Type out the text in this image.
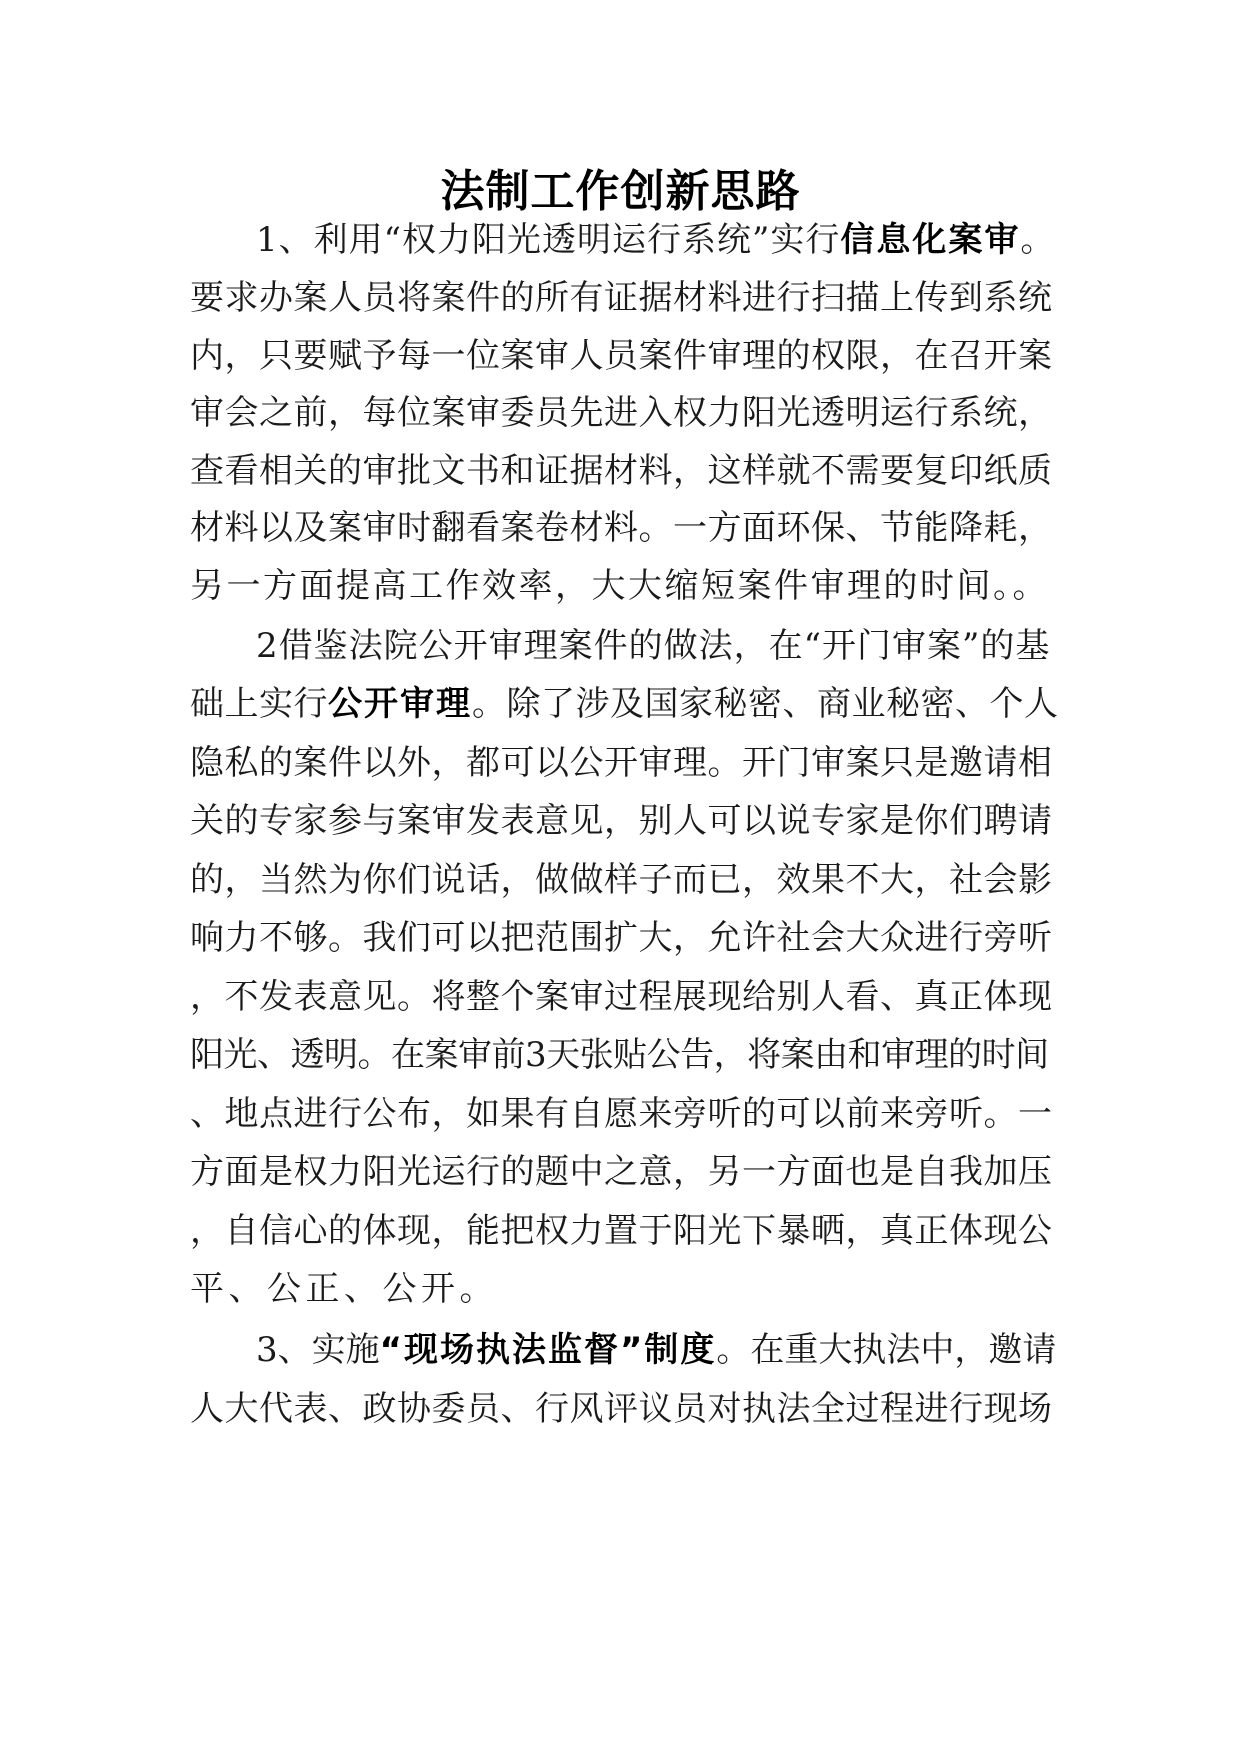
法制工作创新思路
1、利用“权力阳光透明运行系统”实行信息化案审。
要求办案人员将案件的所有证据材料进行扫描上传到系统
内，只要赋予每一位案审人员案件审理的权限，在召开案
审会之前，每位案审委员先进入权力阳光透明运行系统，
查看相关的审批文书和证据材料，这样就不需要复印纸质
材料以及案审时翻看案卷材料。一方面环保、节能降耗，
另一方面提高工作效率，大大缩短案件审理的时间。。
2借鉴法院公开审理案件的做法，在“开门审案”的基
础上实行公开审理。除了涉及国家秘密、商业秘密、个人
隐私的案件以外，都可以公开审理。开门审案只是邀请相
关的专家参与案审发表意见，别人可以说专家是你们聘请
的，当然为你们说话，做做样子而已，效果不大，社会影
响力不够。我们可以把范围扩大，允许社会大众进行旁听
，不发表意见。将整个案审过程展现给别人看、真正体现
阳光、透明。在案审前3天张贴公告，将案由和审理的时间
、地点进行公布，如果有自愿来旁听的可以前来旁听。一
方面是权力阳光运行的题中之意，另一方面也是自我加压
，自信心的体现，能把权力置于阳光下暴晒，真正体现公
平、公正、公开。
3、实施“现场执法监督”制度。在重大执法中，邀请
人大代表、政协委员、行风评议员对执法全过程进行现场
